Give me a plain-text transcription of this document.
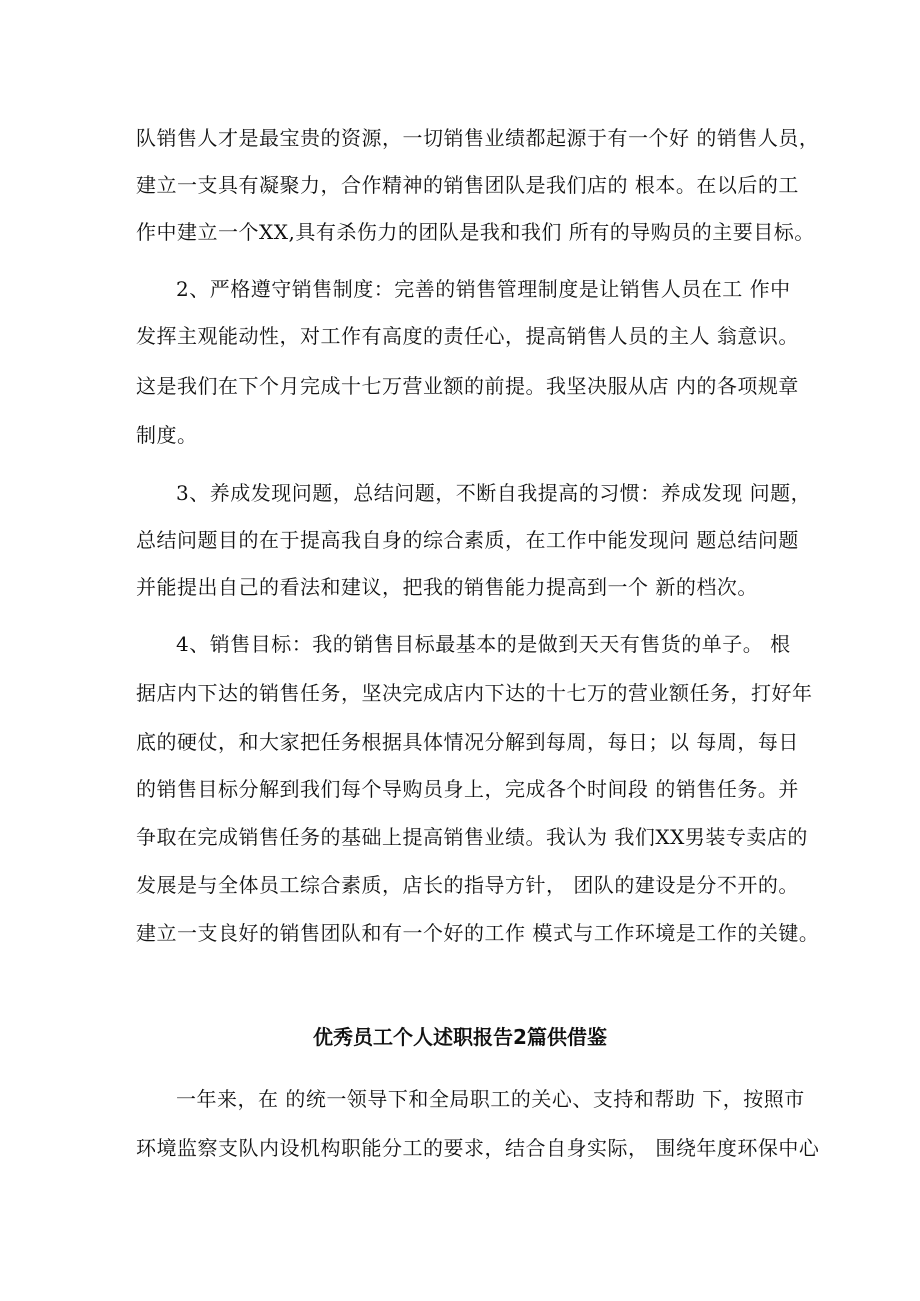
队销售人才是最宝贵的资源，一切销售业绩都起源于有一个好 的销售人员，
建立一支具有凝聚力，合作精神的销售团队是我们店的 根本。在以后的工
作中建立一个XX,具有杀伤力的团队是我和我们 所有的导购员的主要目标。
2、严格遵守销售制度：完善的销售管理制度是让销售人员在工 作中
发挥主观能动性，对工作有高度的责任心，提高销售人员的主人 翁意识。
这是我们在下个月完成十七万营业额的前提。我坚决服从店 内的各项规章
制度。
3、养成发现问题，总结问题，不断自我提高的习惯：养成发现 问题，
总结问题目的在于提高我自身的综合素质，在工作中能发现问 题总结问题
并能提出自己的看法和建议，把我的销售能力提高到一个 新的档次。
4、销售目标：我的销售目标最基本的是做到天天有售货的单子。 根
据店内下达的销售任务，坚决完成店内下达的十七万的营业额任务，打好年
底的硬仗，和大家把任务根据具体情况分解到每周，每日；以 每周，每日
的销售目标分解到我们每个导购员身上，完成各个时间段 的销售任务。并
争取在完成销售任务的基础上提高销售业绩。我认为 我们XX男装专卖店的
发展是与全体员工综合素质，店长的指导方针， 团队的建设是分不开的。
建立一支良好的销售团队和有一个好的工作 模式与工作环境是工作的关键。
优秀员工个人述职报告2篇供借鉴
一年来，在 的统一领导下和全局职工的关心、支持和帮助 下，按照市
环境监察支队内设机构职能分工的要求，结合自身实际， 围绕年度环保中心
